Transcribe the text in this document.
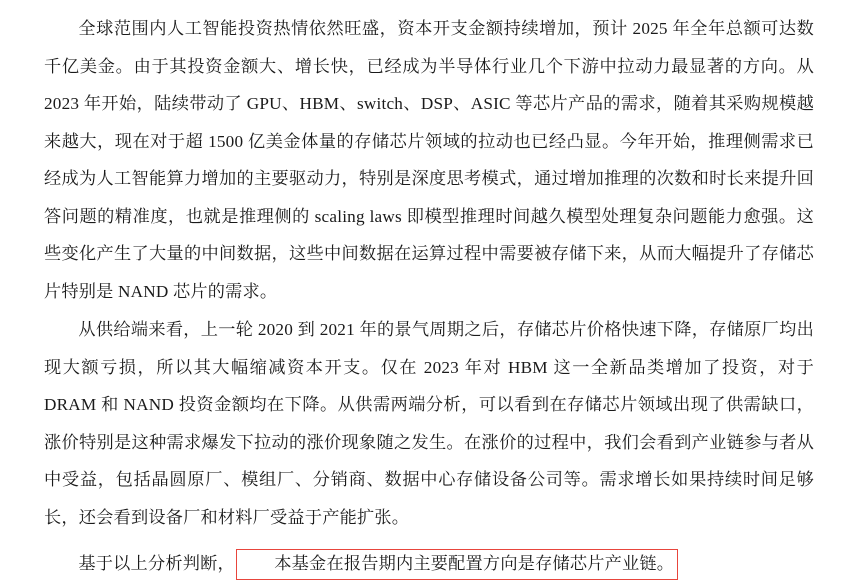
全球范围内人工智能投资热情依然旺盛，资本开支金额持续增加，预计 2025 年全年总额可达数千亿美金。由于其投资金额大、增长快，已经成为半导体行业几个下游中拉动力最显著的方向。从 2023 年开始，陆续带动了 GPU、HBM、switch、DSP、ASIC 等芯片产品的需求，随着其采购规模越来越大，现在对于超 1500 亿美金体量的存储芯片领域的拉动也已经凸显。今年开始，推理侧需求已经成为人工智能算力增加的主要驱动力，特别是深度思考模式，通过增加推理的次数和时长来提升回答问题的精准度，也就是推理侧的 scaling laws 即模型推理时间越久模型处理复杂问题能力愈强。这些变化产生了大量的中间数据，这些中间数据在运算过程中需要被存储下来，从而大幅提升了存储芯片特别是 NAND 芯片的需求。

从供给端来看，上一轮 2020 到 2021 年的景气周期之后，存储芯片价格快速下降，存储原厂均出现大额亏损，所以其大幅缩减资本开支。仅在 2023 年对 HBM 这一全新品类增加了投资，对于 DRAM 和 NAND 投资金额均在下降。从供需两端分析，可以看到在存储芯片领域出现了供需缺口，涨价特别是这种需求爆发下拉动的涨价现象随之发生。在涨价的过程中，我们会看到产业链参与者从中受益，包括晶圆原厂、模组厂、分销商、数据中心存储设备公司等。需求增长如果持续时间足够长，还会看到设备厂和材料厂受益于产能扩张。

基于以上分析判断， 本基金在报告期内主要配置方向是存储芯片产业链。
